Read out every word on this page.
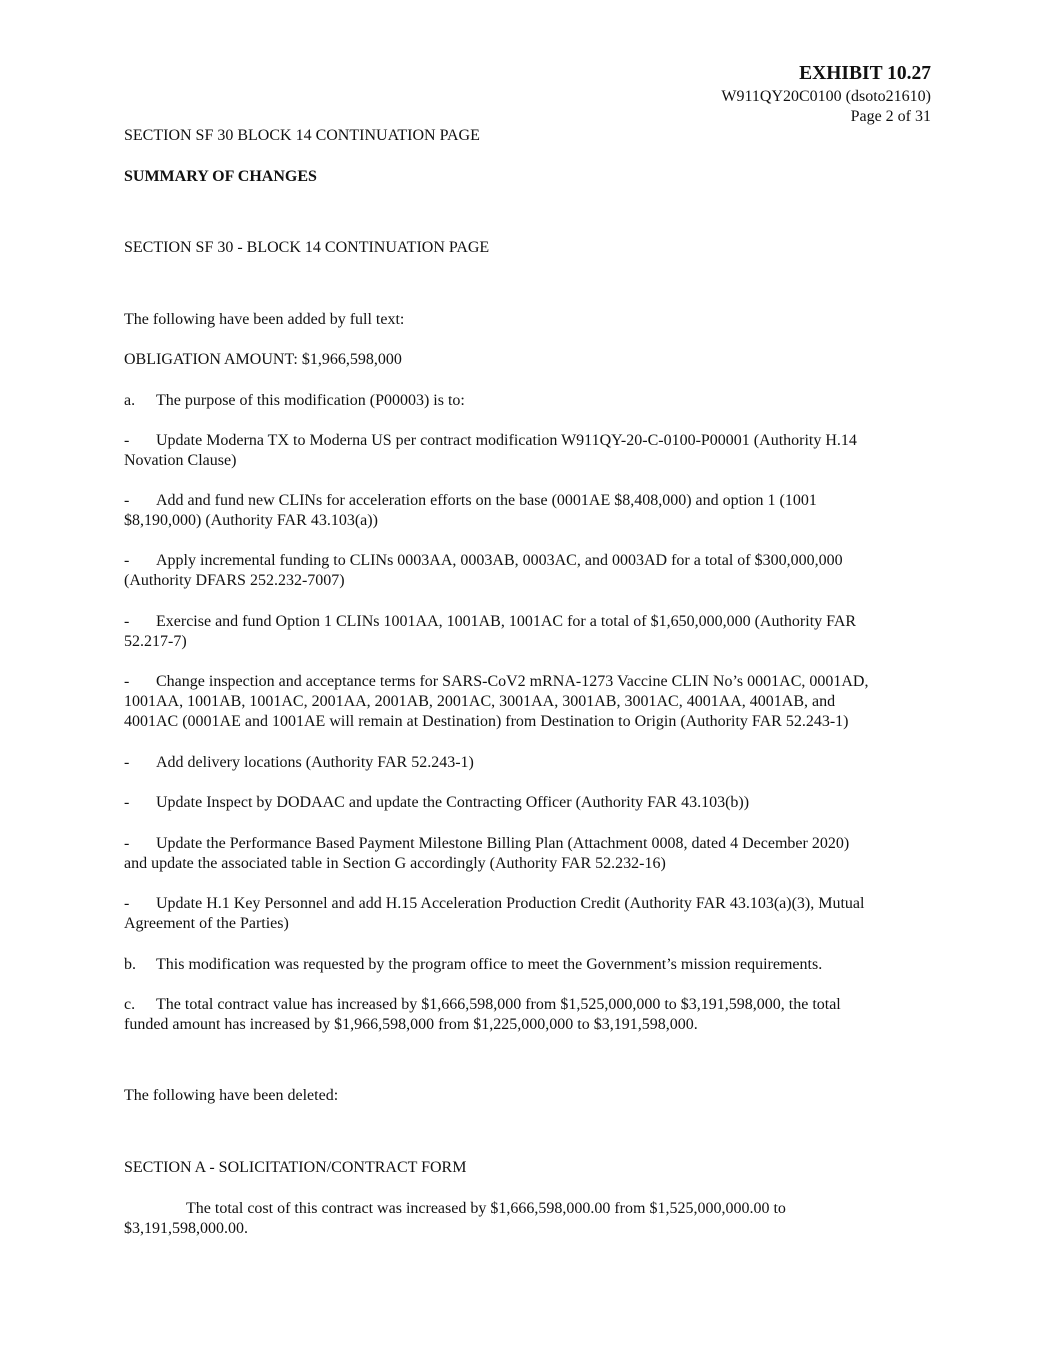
EXHIBIT 10.27
W911QY20C0100 (dsoto21610)
Page 2 of 31
SECTION SF 30 BLOCK 14 CONTINUATION PAGE
SUMMARY OF CHANGES
SECTION SF 30 - BLOCK 14 CONTINUATION PAGE
The following have been added by full text:
OBLIGATION AMOUNT: $1,966,598,000
a. The purpose of this modification (P00003) is to:
- Update Moderna TX to Moderna US per contract modification W911QY-20-C-0100-P00001 (Authority H.14
Novation Clause)
- Add and fund new CLINs for acceleration efforts on the base (0001AE $8,408,000) and option 1 (1001
$8,190,000) (Authority FAR 43.103(a))
- Apply incremental funding to CLINs 0003AA, 0003AB, 0003AC, and 0003AD for a total of $300,000,000
(Authority DFARS 252.232-7007)
- Exercise and fund Option 1 CLINs 1001AA, 1001AB, 1001AC for a total of $1,650,000,000 (Authority FAR
52.217-7)
- Change inspection and acceptance terms for SARS-CoV2 mRNA-1273 Vaccine CLIN No’s 0001AC, 0001AD,
1001AA, 1001AB, 1001AC, 2001AA, 2001AB, 2001AC, 3001AA, 3001AB, 3001AC, 4001AA, 4001AB, and
4001AC (0001AE and 1001AE will remain at Destination) from Destination to Origin (Authority FAR 52.243-1)
- Add delivery locations (Authority FAR 52.243-1)
- Update Inspect by DODAAC and update the Contracting Officer (Authority FAR 43.103(b))
- Update the Performance Based Payment Milestone Billing Plan (Attachment 0008, dated 4 December 2020)
and update the associated table in Section G accordingly (Authority FAR 52.232-16)
- Update H.1 Key Personnel and add H.15 Acceleration Production Credit (Authority FAR 43.103(a)(3), Mutual
Agreement of the Parties)
b. This modification was requested by the program office to meet the Government’s mission requirements.
c. The total contract value has increased by $1,666,598,000 from $1,525,000,000 to $3,191,598,000, the total
funded amount has increased by $1,966,598,000 from $1,225,000,000 to $3,191,598,000.
The following have been deleted:
SECTION A - SOLICITATION/CONTRACT FORM
The total cost of this contract was increased by $1,666,598,000.00 from $1,525,000,000.00 to
$3,191,598,000.00.
